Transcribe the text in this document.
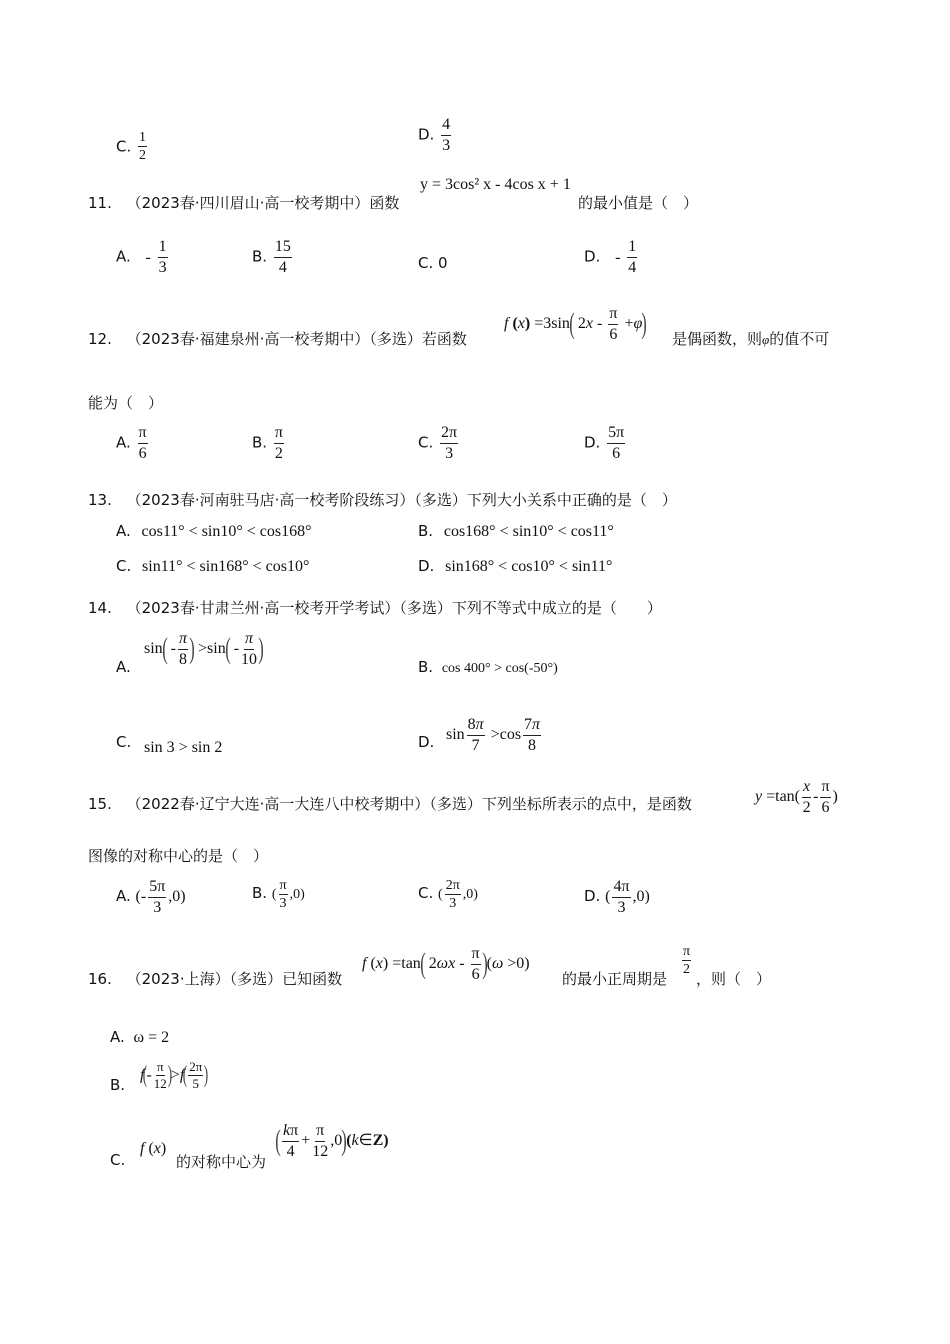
C. $\frac{1}{2}$	D. $\frac{4}{3}$
11. （2023春·四川眉山·高一校考期中）函数
y = 3cos² x - 4cos x + 1
的最小值是（　）
A. - $\frac{1}{3}$	B. $\frac{15}{4}$	C. 0	D. - $\frac{1}{4}$
12. （2023春·福建泉州·高一校考期中）（多选）若函数
f (x) =3sin( $2x - \frac{\pi}{6} +\varphi$) 是偶函数，则φ的值不可
能为（　）
A. $\frac{\pi}{6}$	B. $\frac{\pi}{2}$	C. $\frac{2\pi}{3}$	D. $\frac{5\pi}{6}$
13. （2023春·河南驻马店·高一校考阶段练习）（多选）下列大小关系中正确的是（　）
A. cos11° < sin10° < cos168°	B. cos168° < sin10° < cos11°
C. sin11° < sin168° < cos10°	D. sin168° < cos10° < sin11°
14. （2023春·甘肃兰州·高一校考开学考试）（多选）下列不等式中成立的是（　　）
A.
$\sin( - \frac{\pi}{8}$ ) $>\sin( - \frac{\pi}{10}$ )
B. cos 400° > cos(-50°)
C. sin 3 > sin 2	D. $\sin \frac{8\pi}{7} >\cos \frac{7\pi}{8}$
15. （2022春·辽宁大连·高一大连八中校考期中）（多选）下列坐标所表示的点中，是函数	$y =\tan( \frac{x}{2} - \frac{\pi}{6}$ )
图像的对称中心的是（　）
A. (- $\frac{5\pi}{3} ,0$)	B. ( $\frac{\pi}{3} ,0$)	C. ( $\frac{2\pi}{3} ,0$)	D. ( $\frac{4\pi}{3} ,0$)
16. （2023·上海）（多选）已知函数
f (x) =tan( $2\omega x - \frac{\pi}{6} )(\omega >0)$
的最小正周期是
$\frac{\pi}{2}$
，则（　）
A. ω = 2
B.
$f(- \frac{\pi}{12} )>f( \frac{2\pi}{5}$ )
C.
f (x)
的对称中心为
( $\frac{k\pi}{4} + \frac{\pi}{12}$ ,0)(k∈Z)
